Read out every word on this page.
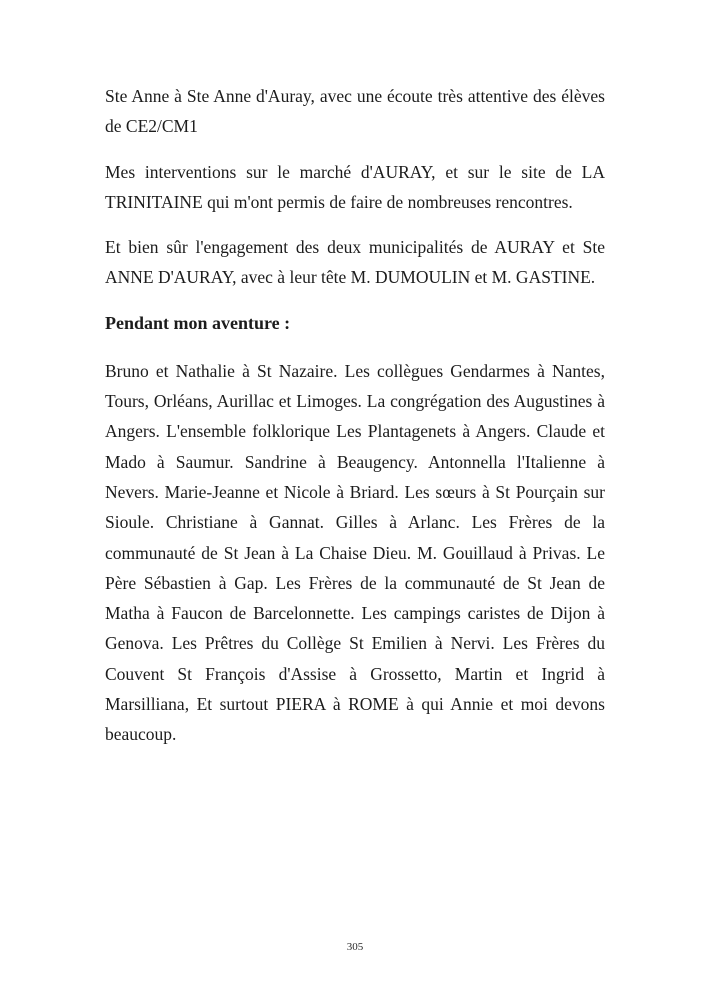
Ste Anne à Ste Anne d'Auray, avec une écoute très attentive des élèves de CE2/CM1

Mes interventions sur le marché d'AURAY, et sur le site de LA TRINITAINE qui m'ont permis de faire de nombreuses rencontres.

Et bien sûr l'engagement des deux municipalités de AURAY et Ste ANNE D'AURAY, avec à leur tête M. DUMOULIN et M. GASTINE.

Pendant mon aventure :

Bruno et Nathalie à St Nazaire. Les collègues Gendarmes à Nantes, Tours, Orléans, Aurillac et Limoges. La congrégation des Augustines à Angers. L'ensemble folklorique Les Plantagenets à Angers. Claude et Mado à Saumur. Sandrine à Beaugency. Antonnella l'Italienne à Nevers. Marie-Jeanne et Nicole à Briard. Les sœurs à St Pourçain sur Sioule. Christiane à Gannat. Gilles à Arlanc. Les Frères de la communauté de St Jean à La Chaise Dieu. M. Gouillaud à Privas. Le Père Sébastien à Gap. Les Frères de la communauté de St Jean de Matha à Faucon de Barcelonnette. Les campings caristes de Dijon à Genova. Les Prêtres du Collège St Emilien à Nervi. Les Frères du Couvent St François d'Assise à Grossetto, Martin et Ingrid à Marsilliana, Et surtout PIERA à ROME à qui Annie et moi devons beaucoup.

305
